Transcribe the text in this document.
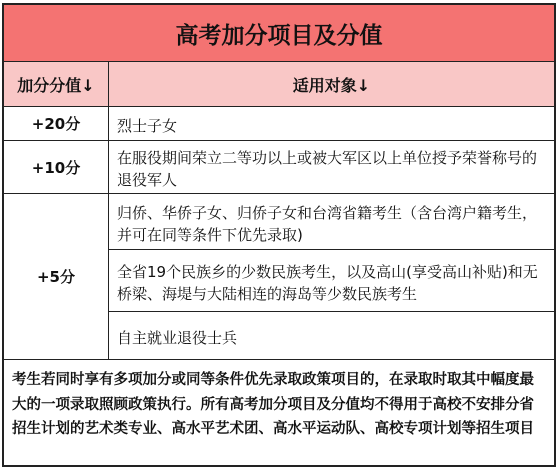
高考加分项目及分值
加分分值↓	适用对象↓
+20分	烈士子女
+10分
在服役期间荣立二等功以上或被大军区以上单位授予荣誉称号的退役军人
+5分
归侨、华侨子女、归侨子女和台湾省籍考生（含台湾户籍考生，并可在同等条件下优先录取)
全省19个民族乡的少数民族考生，以及高山(享受高山补贴)和无桥梁、海堤与大陆相连的海岛等少数民族考生
自主就业退役士兵
考生若同时享有多项加分或同等条件优先录取政策项目的，在录取时取其中幅度最大的一项录取照顾政策执行。所有高考加分项目及分值均不得用于高校不安排分省招生计划的艺术类专业、高水平艺术团、高水平运动队、高校专项计划等招生项目
